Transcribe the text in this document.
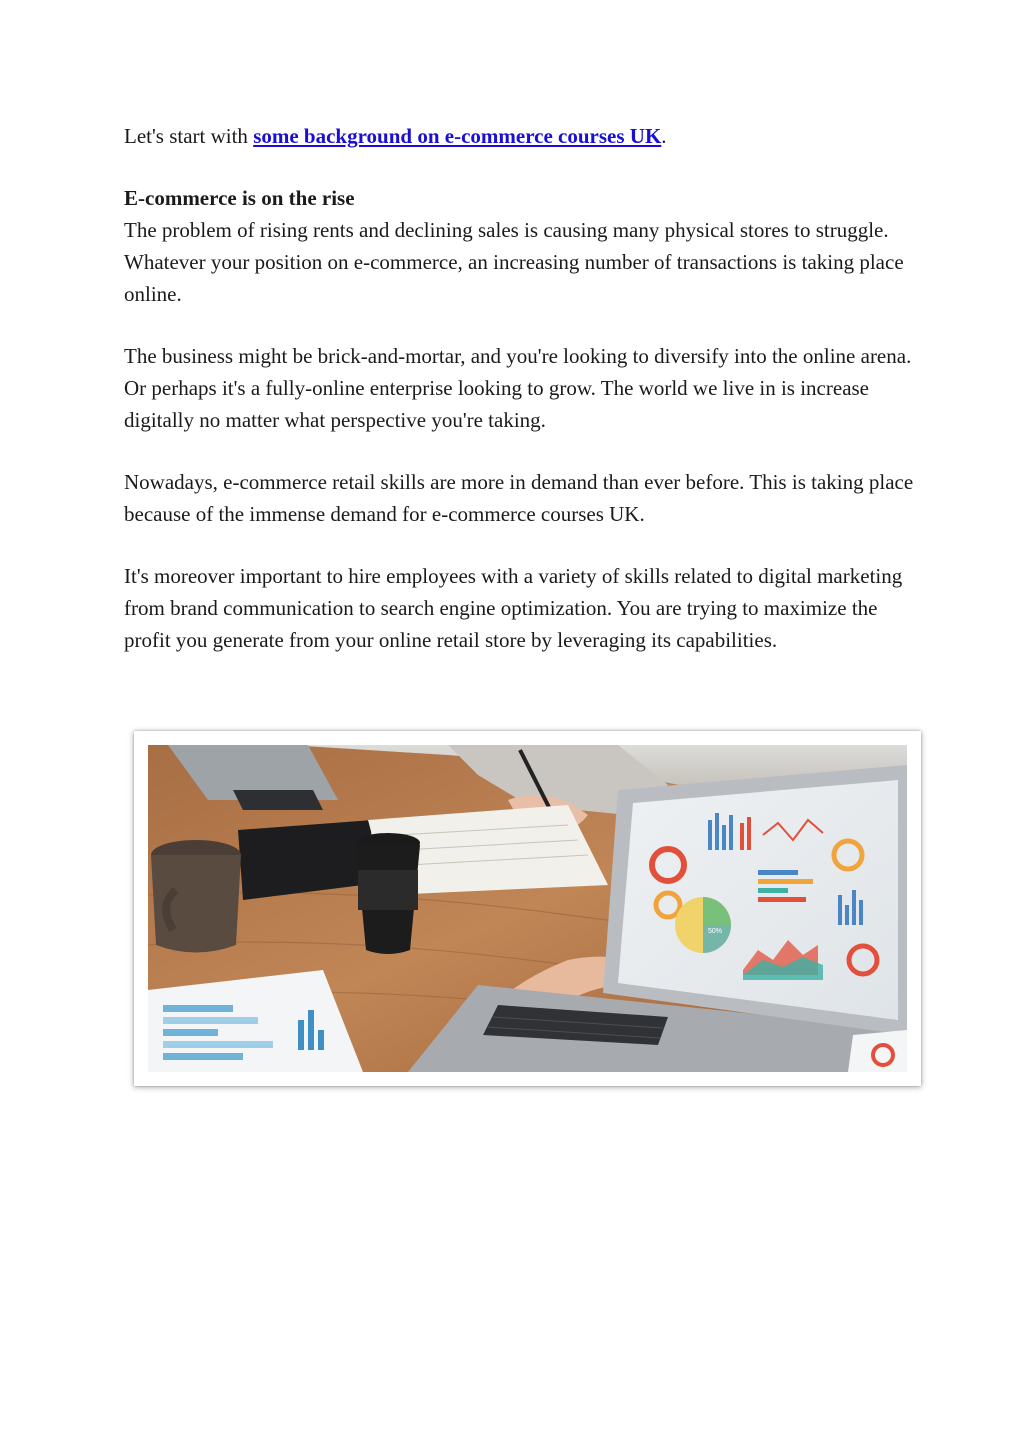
Let's start with some background on e-commerce courses UK.

E-commerce is on the rise

The problem of rising rents and declining sales is causing many physical stores to struggle. Whatever your position on e-commerce, an increasing number of transactions is taking place online.

The business might be brick-and-mortar, and you're looking to diversify into the online arena. Or perhaps it's a fully-online enterprise looking to grow. The world we live in is increase digitally no matter what perspective you're taking.

Nowadays, e-commerce retail skills are more in demand than ever before. This is taking place because of the immense demand for e-commerce courses UK.

It's moreover important to hire employees with a variety of skills related to digital marketing from brand communication to search engine optimization. You are trying to maximize the profit you generate from your online retail store by leveraging its capabilities.

50%
